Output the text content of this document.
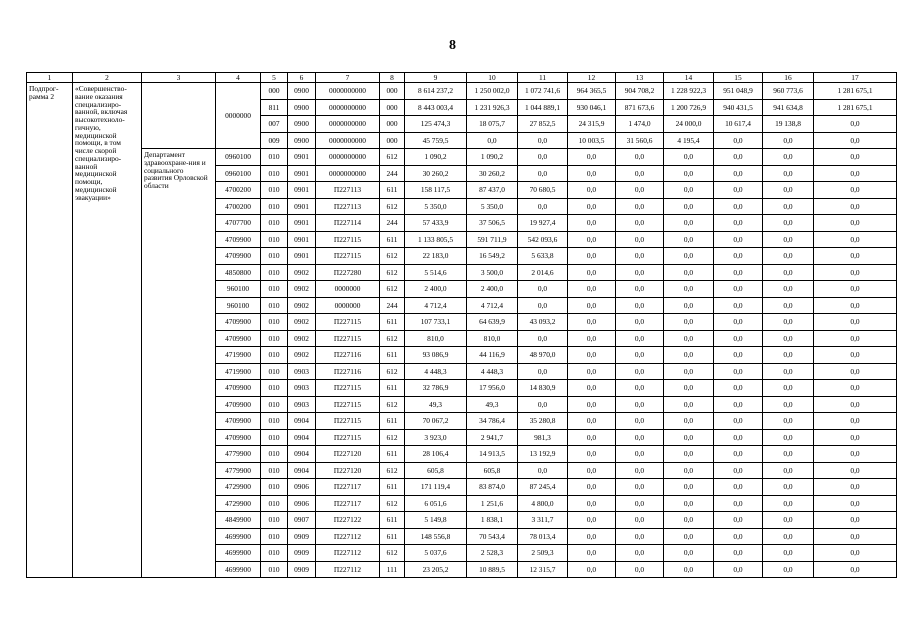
8
1	2	3	4	5	6	7	8	9	10	11	12	13	14	15	16	17
Подпрог-рамма 2	«Совершенство-вание оказания специализиро-ванной, включая высокотехноло-гичную, медицинской помощи, в том числе скорой специализиро-ванной медицинской помощи, медицинской эвакуации»		0000000	000	0900	0000000000	000	8 614 237,2	1 250 002,0	1 072 741,6	964 365,5	904 708,2	1 228 922,3	951 048,9	960 773,6	1 281 675,1
				811	0900	0000000000	000	8 443 003,4	1 231 926,3	1 044 889,1	930 046,1	871 673,6	1 200 726,9	940 431,5	941 634,8	1 281 675,1
				007	0900	0000000000	000	125 474,3	18 075,7	27 852,5	24 315,9	1 474,0	24 000,0	10 617,4	19 138,8	0,0
				009	0900	0000000000	000	45 759,5	0,0	0,0	10 003,5	31 560,6	4 195,4	0,0	0,0	0,0
		Департамент здравоохране-ния и социального развития Орловской области	0960100	010	0901	0000000000	612	1 090,2	1 090,2	0,0	0,0	0,0	0,0	0,0	0,0	0,0
			0960100	010	0901	0000000000	244	30 260,2	30 260,2	0,0	0,0	0,0	0,0	0,0	0,0	0,0
			4700200	010	0901	П227113	611	158 117,5	87 437,0	70 680,5	0,0	0,0	0,0	0,0	0,0	0,0
			4700200	010	0901	П227113	612	5 350,0	5 350,0	0,0	0,0	0,0	0,0	0,0	0,0	0,0
			4707700	010	0901	П227114	244	57 433,9	37 506,5	19 927,4	0,0	0,0	0,0	0,0	0,0	0,0
			4709900	010	0901	П227115	611	1 133 805,5	591 711,9	542 093,6	0,0	0,0	0,0	0,0	0,0	0,0
			4709900	010	0901	П227115	612	22 183,0	16 549,2	5 633,8	0,0	0,0	0,0	0,0	0,0	0,0
			4850800	010	0902	П227280	612	5 514,6	3 500,0	2 014,6	0,0	0,0	0,0	0,0	0,0	0,0
			960100	010	0902	0000000	612	2 400,0	2 400,0	0,0	0,0	0,0	0,0	0,0	0,0	0,0
			960100	010	0902	0000000	244	4 712,4	4 712,4	0,0	0,0	0,0	0,0	0,0	0,0	0,0
			4709900	010	0902	П227115	611	107 733,1	64 639,9	43 093,2	0,0	0,0	0,0	0,0	0,0	0,0
			4709900	010	0902	П227115	612	810,0	810,0	0,0	0,0	0,0	0,0	0,0	0,0	0,0
			4719900	010	0902	П227116	611	93 086,9	44 116,9	48 970,0	0,0	0,0	0,0	0,0	0,0	0,0
			4719900	010	0903	П227116	612	4 448,3	4 448,3	0,0	0,0	0,0	0,0	0,0	0,0	0,0
			4709900	010	0903	П227115	611	32 786,9	17 956,0	14 830,9	0,0	0,0	0,0	0,0	0,0	0,0
			4709900	010	0903	П227115	612	49,3	49,3	0,0	0,0	0,0	0,0	0,0	0,0	0,0
			4709900	010	0904	П227115	611	70 067,2	34 786,4	35 280,8	0,0	0,0	0,0	0,0	0,0	0,0
			4709900	010	0904	П227115	612	3 923,0	2 941,7	981,3	0,0	0,0	0,0	0,0	0,0	0,0
			4779900	010	0904	П227120	611	28 106,4	14 913,5	13 192,9	0,0	0,0	0,0	0,0	0,0	0,0
			4779900	010	0904	П227120	612	605,8	605,8	0,0	0,0	0,0	0,0	0,0	0,0	0,0
			4729900	010	0906	П227117	611	171 119,4	83 874,0	87 245,4	0,0	0,0	0,0	0,0	0,0	0,0
			4729900	010	0906	П227117	612	6 051,6	1 251,6	4 800,0	0,0	0,0	0,0	0,0	0,0	0,0
			4849900	010	0907	П227122	611	5 149,8	1 838,1	3 311,7	0,0	0,0	0,0	0,0	0,0	0,0
			4699900	010	0909	П227112	611	148 556,8	70 543,4	78 013,4	0,0	0,0	0,0	0,0	0,0	0,0
			4699900	010	0909	П227112	612	5 037,6	2 528,3	2 509,3	0,0	0,0	0,0	0,0	0,0	0,0
			4699900	010	0909	П227112	111	23 205,2	10 889,5	12 315,7	0,0	0,0	0,0	0,0	0,0	0,0
